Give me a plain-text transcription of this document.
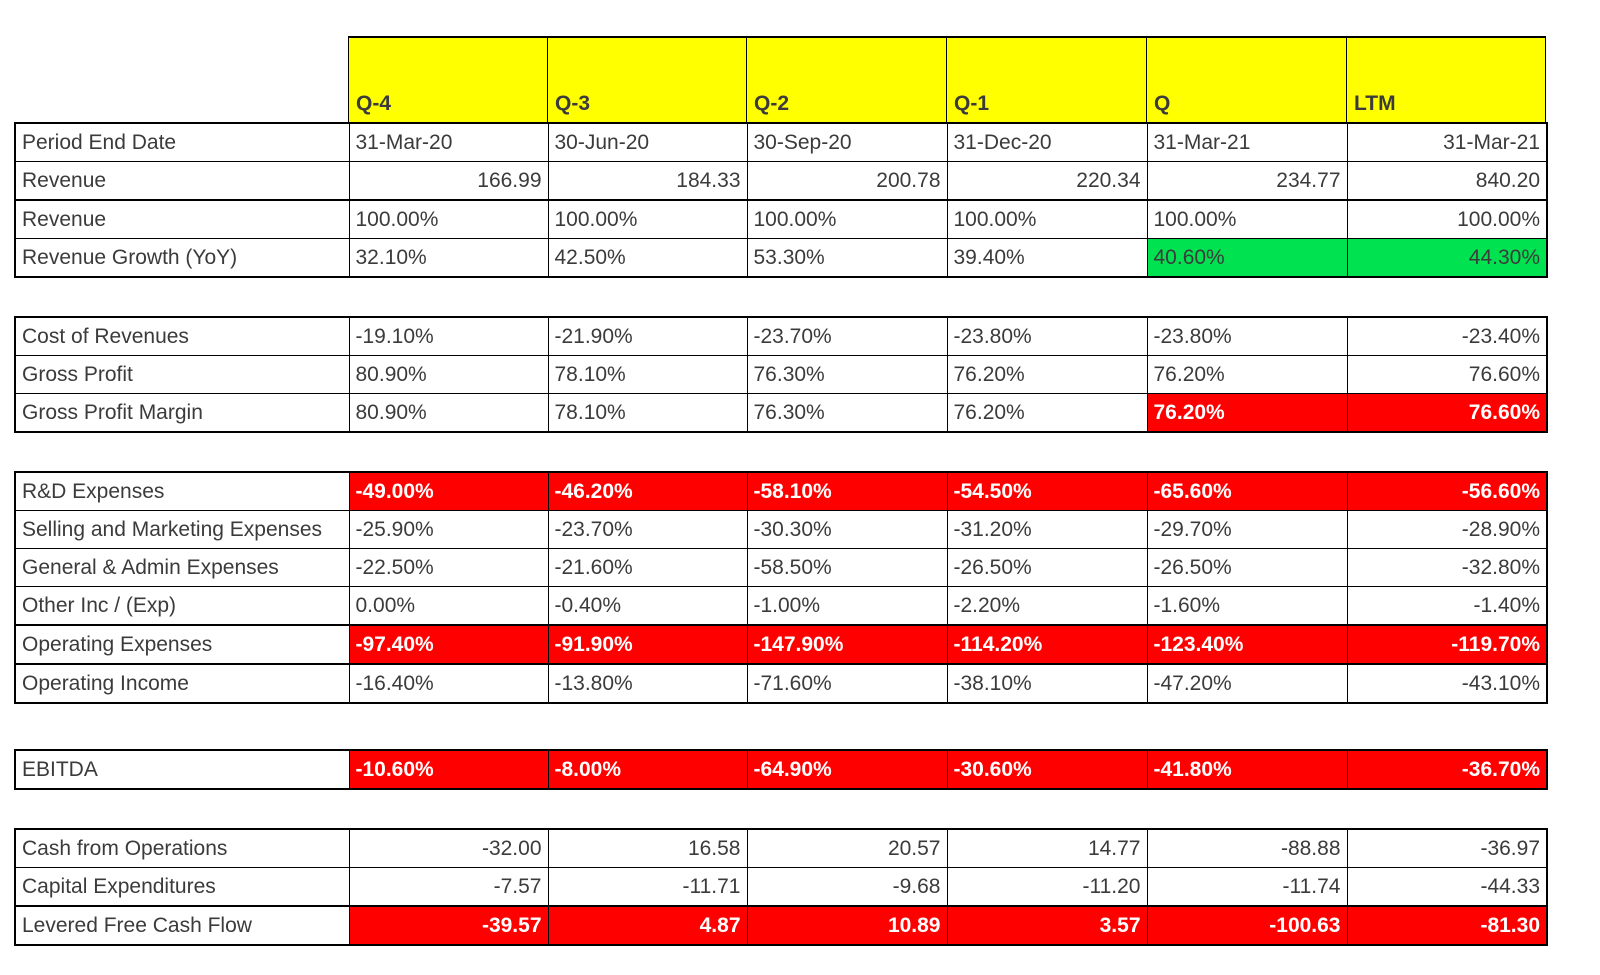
Q-4	Q-3	Q-2	Q-1	Q	LTM
Period End Date	31-Mar-20	30-Jun-20	30-Sep-20	31-Dec-20	31-Mar-21	31-Mar-21
Revenue	166.99	184.33	200.78	220.34	234.77	840.20
Revenue	100.00%	100.00%	100.00%	100.00%	100.00%	100.00%
Revenue Growth (YoY)	32.10%	42.50%	53.30%	39.40%	40.60%	44.30%
Cost of Revenues	-19.10%	-21.90%	-23.70%	-23.80%	-23.80%	-23.40%
Gross Profit	80.90%	78.10%	76.30%	76.20%	76.20%	76.60%
Gross Profit Margin	80.90%	78.10%	76.30%	76.20%	76.20%	76.60%
R&D Expenses	-49.00%	-46.20%	-58.10%	-54.50%	-65.60%	-56.60%
Selling and Marketing Expenses	-25.90%	-23.70%	-30.30%	-31.20%	-29.70%	-28.90%
General & Admin Expenses	-22.50%	-21.60%	-58.50%	-26.50%	-26.50%	-32.80%
Other Inc / (Exp)	0.00%	-0.40%	-1.00%	-2.20%	-1.60%	-1.40%
Operating Expenses	-97.40%	-91.90%	-147.90%	-114.20%	-123.40%	-119.70%
Operating Income	-16.40%	-13.80%	-71.60%	-38.10%	-47.20%	-43.10%
EBITDA	-10.60%	-8.00%	-64.90%	-30.60%	-41.80%	-36.70%
Cash from Operations	-32.00	16.58	20.57	14.77	-88.88	-36.97
Capital Expenditures	-7.57	-11.71	-9.68	-11.20	-11.74	-44.33
Levered Free Cash Flow	-39.57	4.87	10.89	3.57	-100.63	-81.30
